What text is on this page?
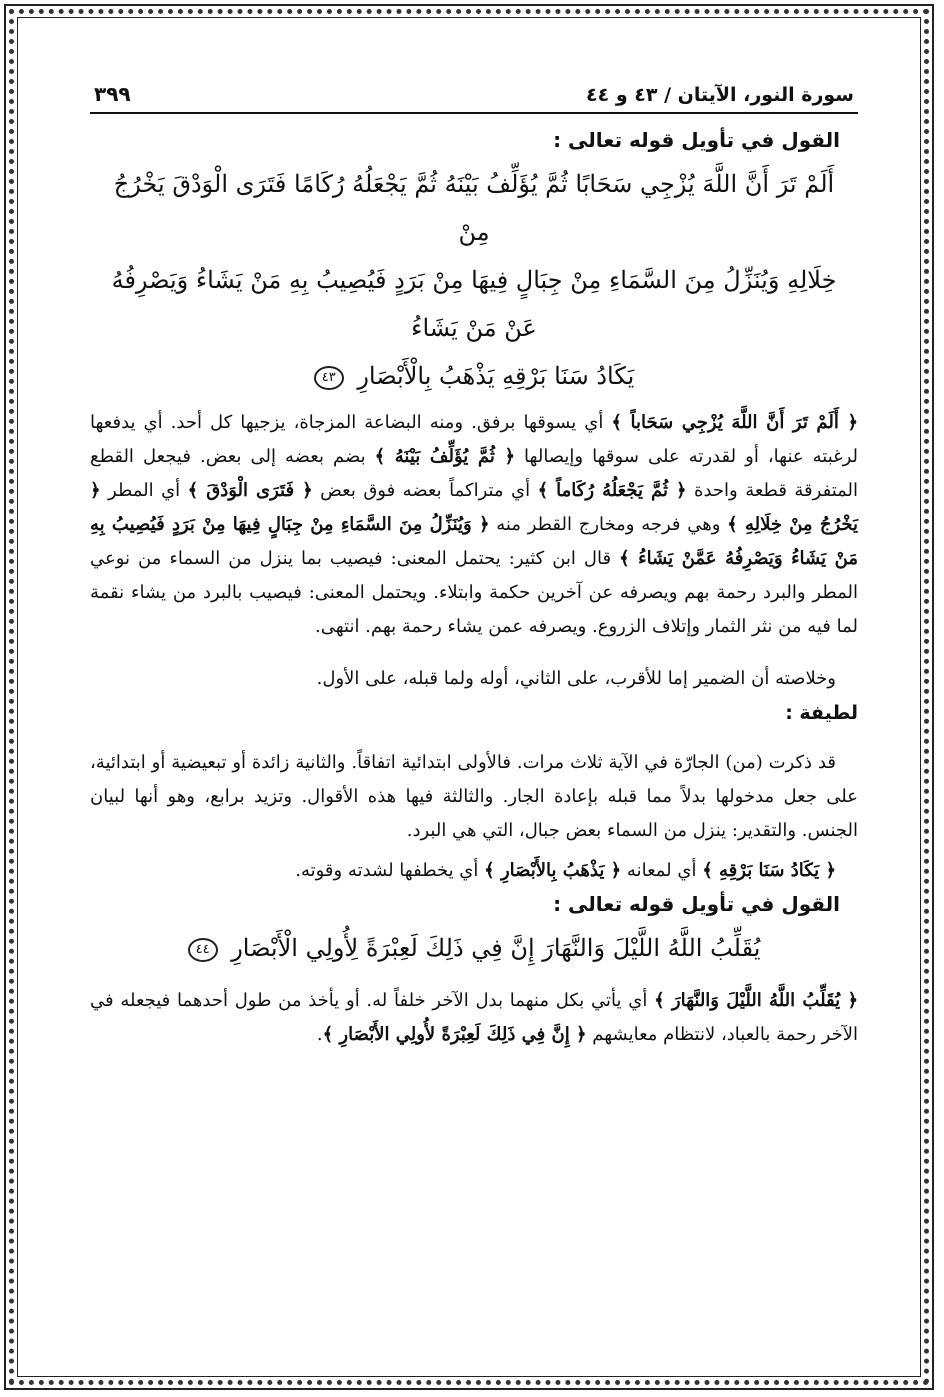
سورة النور، الآيتان / ٤٣ و ٤٤
٣٩٩
القول في تأويل قوله تعالى :
أَلَمْ تَرَ أَنَّ اللَّهَ يُزْجِي سَحَابًا ثُمَّ يُؤَلِّفُ بَيْنَهُ ثُمَّ يَجْعَلُهُ رُكَامًا فَتَرَى الْوَدْقَ يَخْرُجُ مِنْ
خِلَالِهِ وَيُنَزِّلُ مِنَ السَّمَاءِ مِنْ جِبَالٍ فِيهَا مِنْ بَرَدٍ فَيُصِيبُ بِهِ مَنْ يَشَاءُ وَيَصْرِفُهُ عَنْ مَنْ يَشَاءُ
يَكَادُ سَنَا بَرْقِهِ يَذْهَبُ بِالْأَبْصَارِ ٤٣

﴿ أَلَمْ تَرَ أَنَّ اللَّهَ يُزْجِي سَحَاباً ﴾ أي يسوقها برفق. ومنه البضاعة المزجاة، يزجيها كل أحد. أي يدفعها لرغبته عنها، أو لقدرته على سوقها وإيصالها ﴿ ثُمَّ يُؤَلِّفُ بَيْنَهُ ﴾ بضم بعضه إلى بعض. فيجعل القطع المتفرقة قطعة واحدة ﴿ ثُمَّ يَجْعَلُهُ رُكَاماً ﴾ أي متراكماً بعضه فوق بعض ﴿ فَتَرَى الْوَدْقَ ﴾ أي المطر ﴿ يَخْرُجُ مِنْ خِلَالِهِ ﴾ وهي فرجه ومخارج القطر منه ﴿ وَيُنَزِّلُ مِنَ السَّمَاءِ مِنْ جِبَالٍ فِيهَا مِنْ بَرَدٍ فَيُصِيبُ بِهِ مَنْ يَشَاءُ وَيَصْرِفُهُ عَمَّنْ يَشَاءُ ﴾ قال ابن كثير: يحتمل المعنى: فيصيب بما ينزل من السماء من نوعي المطر والبرد رحمة بهم ويصرفه عن آخرين حكمة وابتلاء. ويحتمل المعنى: فيصيب بالبرد من يشاء نقمة لما فيه من نثر الثمار وإتلاف الزروع. ويصرفه عمن يشاء رحمة بهم. انتهى.

وخلاصته أن الضمير إما للأقرب، على الثاني، أوله ولما قبله، على الأول.

لطيفة :

قد ذكرت (من) الجارّة في الآية ثلاث مرات. فالأولى ابتدائية اتفاقاً. والثانية زائدة أو تبعيضية أو ابتدائية، على جعل مدخولها بدلاً مما قبله بإعادة الجار. والثالثة فيها هذه الأقوال. وتزيد برابع، وهو أنها لبيان الجنس. والتقدير: ينزل من السماء بعض جبال، التي هي البرد.

﴿ يَكَادُ سَنَا بَرْقِهِ ﴾ أي لمعانه ﴿ يَذْهَبُ بِالأَبْصَارِ ﴾ أي يخطفها لشدته وقوته.

القول في تأويل قوله تعالى :
يُقَلِّبُ اللَّهُ اللَّيْلَ وَالنَّهَارَ إِنَّ فِي ذَلِكَ لَعِبْرَةً لِأُولِي الْأَبْصَارِ ٤٤

﴿ يُقَلِّبُ اللَّهُ اللَّيْلَ وَالنَّهَارَ ﴾ أي يأتي بكل منهما بدل الآخر خلفاً له. أو يأخذ من طول أحدهما فيجعله في الآخر رحمة بالعباد، لانتظام معايشهم ﴿ إِنَّ فِي ذَلِكَ لَعِبْرَةً لأُولِي الأَبْصَارِ ﴾.
